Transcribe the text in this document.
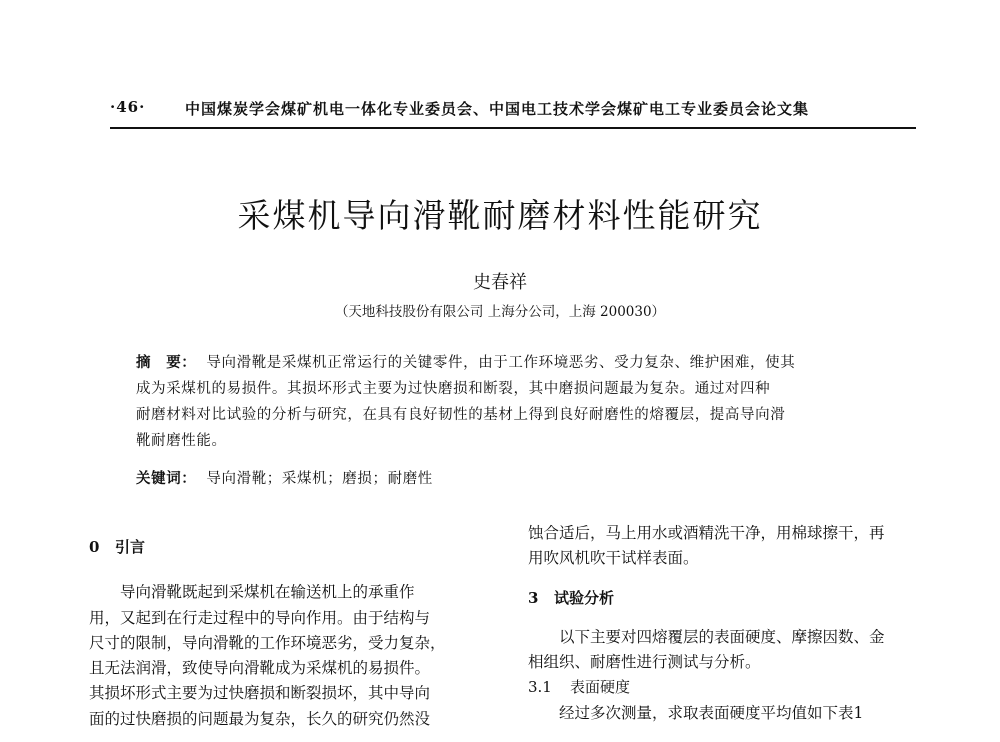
·46·	中国煤炭学会煤矿机电一体化专业委员会、中国电工技术学会煤矿电工专业委员会论文集
采煤机导向滑靴耐磨材料性能研究
史春祥
（天地科技股份有限公司 上海分公司，上海 200030）

摘　要： 导向滑靴是采煤机正常运行的关键零件，由于工作环境恶劣、受力复杂、维护困难，使其

成为采煤机的易损件。其损坏形式主要为过快磨损和断裂，其中磨损问题最为复杂。通过对四种

耐磨材料对比试验的分析与研究，在具有良好韧性的基材上得到良好耐磨性的熔覆层，提高导向滑

靴耐磨性能。

关键词： 导向滑靴；采煤机；磨损；耐磨性

0 引言

导向滑靴既起到采煤机在输送机上的承重作

用，又起到在行走过程中的导向作用。由于结构与

尺寸的限制，导向滑靴的工作环境恶劣，受力复杂，

且无法润滑，致使导向滑靴成为采煤机的易损件。

其损坏形式主要为过快磨损和断裂损坏，其中导向

面的过快磨损的问题最为复杂，长久的研究仍然没

蚀合适后，马上用水或酒精洗干净，用棉球擦干，再

用吹风机吹干试样表面。

3 试验分析

以下主要对四熔覆层的表面硬度、摩擦因数、金

相组织、耐磨性进行测试与分析。

3.1 表面硬度

经过多次测量，求取表面硬度平均值如下表1
